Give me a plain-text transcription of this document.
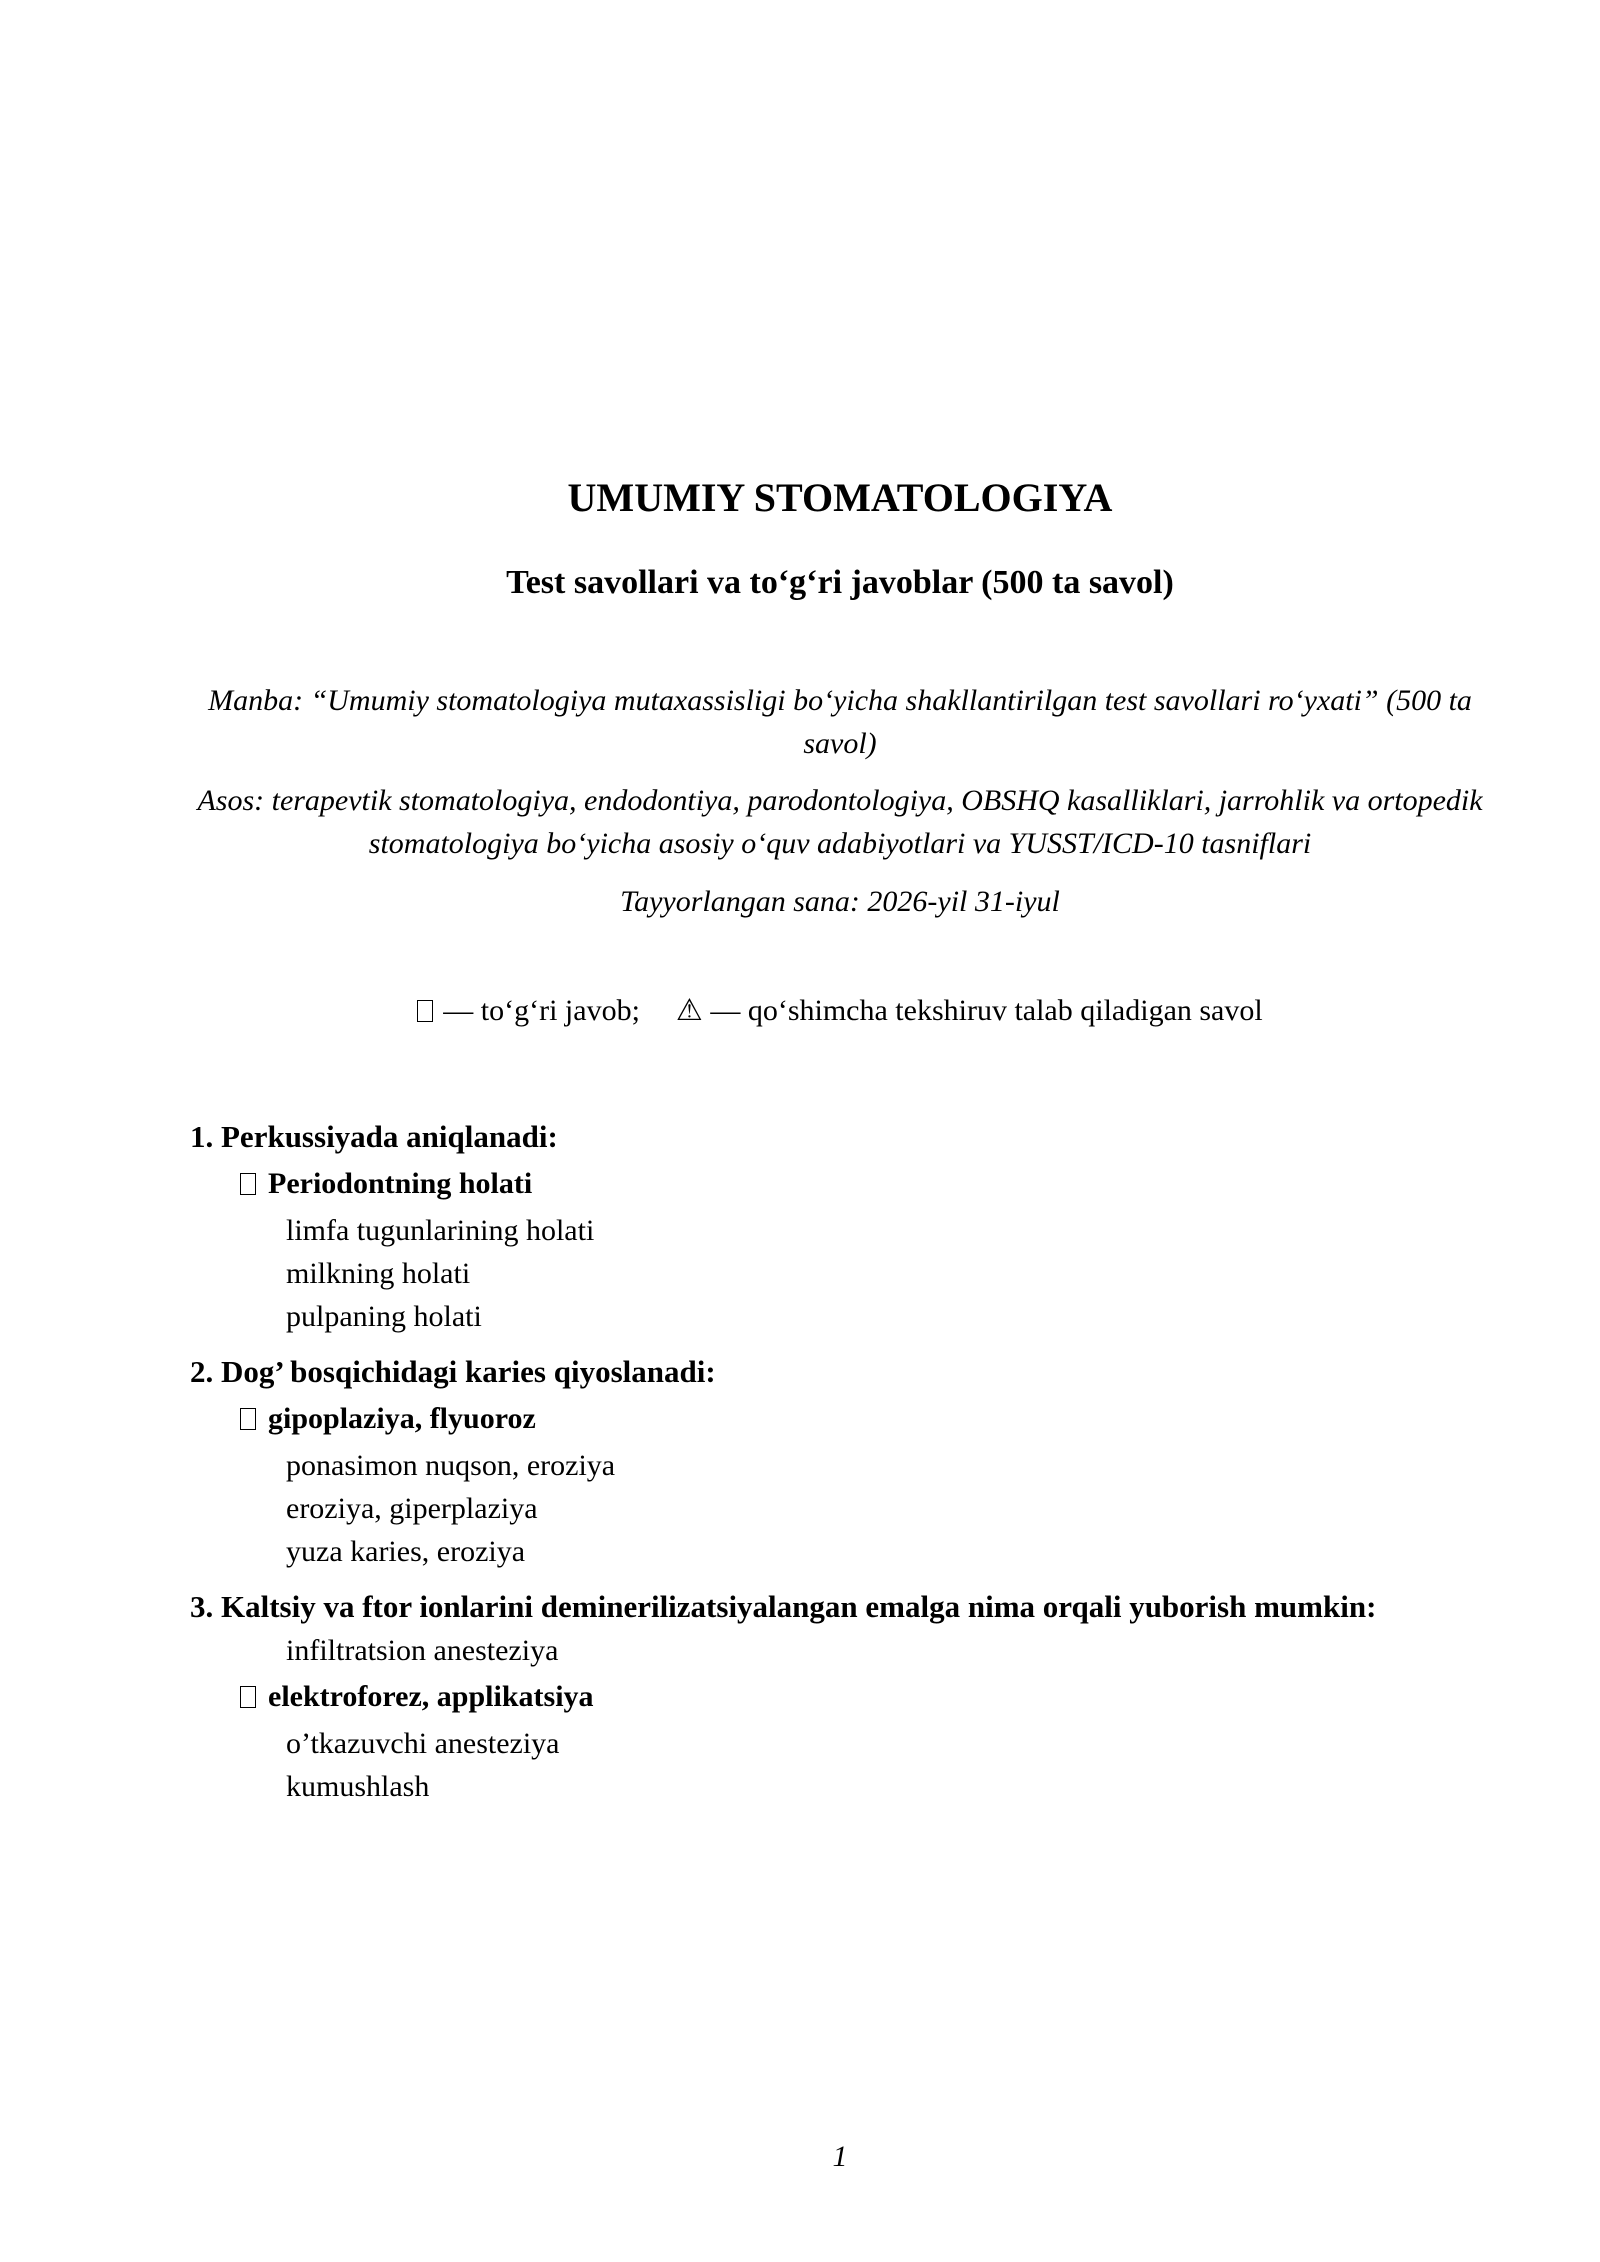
UMUMIY STOMATOLOGIYA
Test savollari va to‘g‘ri javoblar (500 ta savol)

Manba: “Umumiy stomatologiya mutaxassisligi bo‘yicha shakllantirilgan test savollari ro‘yxati” (500 ta savol)

Asos: terapevtik stomatologiya, endodontiya, parodontologiya, OBSHQ kasalliklari, jarrohlik va ortopedik stomatologiya bo‘yicha asosiy o‘quv adabiyotlari va YUSST/ICD-10 tasniflari

Tayyorlangan sana: 2026-yil 31-iyul

— to‘g‘ri javob; ⚠ — qo‘shimcha tekshiruv talab qiladigan savol

1. Perkussiyada aniqlanadi:

Periodontning holati

limfa tugunlarining holati

milkning holati

pulpaning holati

2. Dog’ bosqichidagi karies qiyoslanadi:

gipoplaziya, flyuoroz

ponasimon nuqson, eroziya

eroziya, giperplaziya

yuza karies, eroziya

3. Kaltsiy va ftor ionlarini deminerilizatsiyalangan emalga nima orqali yuborish mumkin:

infiltratsion anesteziya

elektroforez, applikatsiya

o’tkazuvchi anesteziya

kumushlash

1
